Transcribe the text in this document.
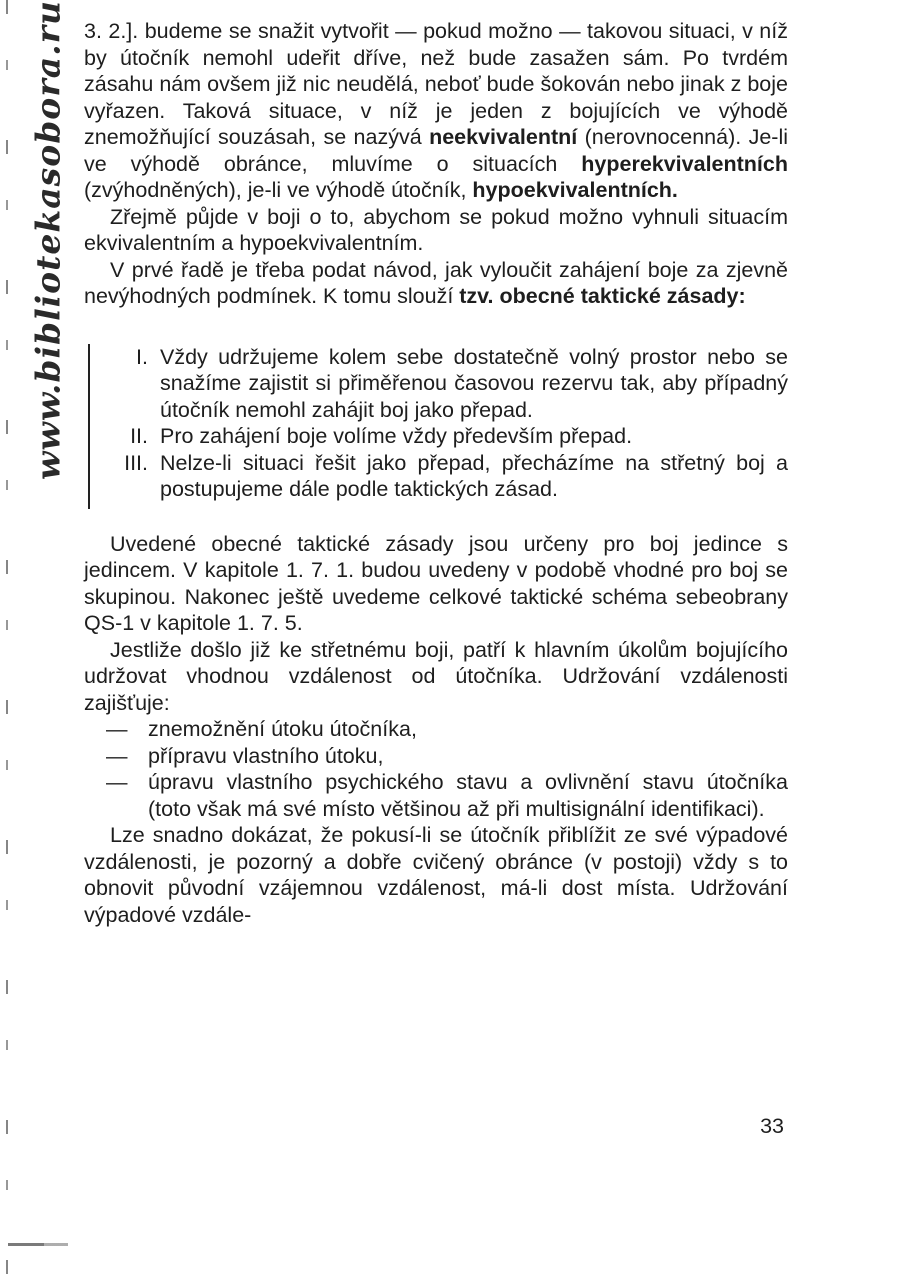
www.bibliotekasobora.ru 3. 2.]. budeme se snažit vytvořit — pokud možno — takovou situaci, v níž by útočník nemohl udeřit dříve, než bude zasažen sám. Po tvrdém zásahu nám ovšem již nic neudělá, neboť bude šokován nebo jinak z boje vyřazen. Taková situace, v níž je jeden z bojujících ve výhodě znemožňující souzásah, se nazývá neekvivalentní (nerovnocenná). Je-li ve výhodě obránce, mluvíme o situacích hyperekvivalentních (zvýhodněných), je-li ve výhodě útočník, hypoekvivalentních.

Zřejmě půjde v boji o to, abychom se pokud možno vyhnuli situacím ekvivalentním a hypoekvivalentním.

V prvé řadě je třeba podat návod, jak vyloučit zahájení boje za zjevně nevýhodných podmínek. K tomu slouží tzv. obecné taktické zásady:

I. Vždy udržujeme kolem sebe dostatečně volný prostor nebo se snažíme zajistit si přiměřenou časovou rezervu tak, aby případný útočník nemohl zahájit boj jako přepad.
II. Pro zahájení boje volíme vždy především přepad.
III. Nelze-li situaci řešit jako přepad, přecházíme na střetný boj a postupujeme dále podle taktických zásad.

Uvedené obecné taktické zásady jsou určeny pro boj jedince s jedincem. V kapitole 1. 7. 1. budou uvedeny v podobě vhodné pro boj se skupinou. Nakonec ještě uvedeme celkové taktické schéma sebeobrany QS-1 v kapitole 1. 7. 5.

Jestliže došlo již ke střetnému boji, patří k hlavním úkolům bojujícího udržovat vhodnou vzdálenost od útočníka. Udržování vzdálenosti zajišťuje:

— znemožnění útoku útočníka,
— přípravu vlastního útoku,
— úpravu vlastního psychického stavu a ovlivnění stavu útočníka (toto však má své místo většinou až při multisignální identifikaci).

Lze snadno dokázat, že pokusí-li se útočník přiblížit ze své výpadové vzdálenosti, je pozorný a dobře cvičený obránce (v postoji) vždy s to obnovit původní vzájemnou vzdálenost, má-li dost místa. Udržování výpadové vzdále-

33
